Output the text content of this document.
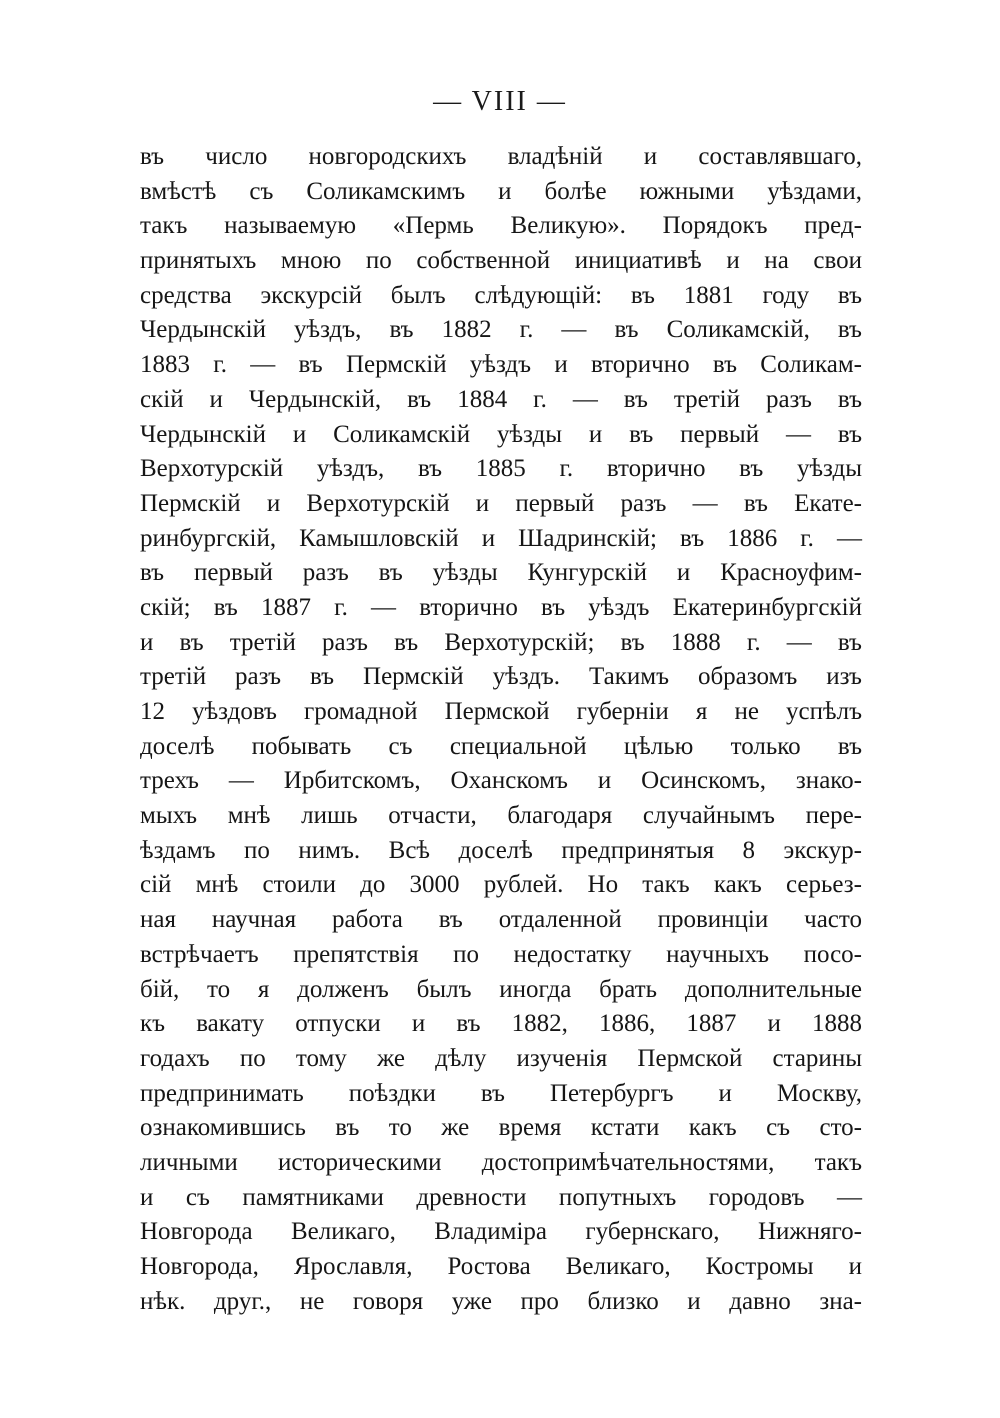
— VIII —
въ число новгородскихъ владѣній и составлявшаго,
вмѣстѣ съ Соликамскимъ и болѣе южными уѣздами,
такъ называемую «Пермь Великую». Порядокъ пред-
принятыхъ мною по собственной инициативѣ и на свои
средства экскурсій былъ слѣдующій: въ 1881 году въ
Чердынскій уѣздъ, въ 1882 г. — въ Соликамскій, въ
1883 г. — въ Пермскій уѣздъ и вторично въ Соликам-
скій и Чердынскій, въ 1884 г. — въ третій разъ въ
Чердынскій и Соликамскій уѣзды и въ первый — въ
Верхотурскій уѣздъ, въ 1885 г. вторично въ уѣзды
Пермскій и Верхотурскій и первый разъ — въ Екате-
ринбургскій, Камышловскій и Шадринскій; въ 1886 г. —
въ первый разъ въ уѣзды Кунгурскій и Красноуфим-
скій; въ 1887 г. — вторично въ уѣздъ Екатеринбургскій
и въ третій разъ въ Верхотурскій; въ 1888 г. — въ
третій разъ въ Пермскій уѣздъ. Такимъ образомъ изъ
12 уѣздовъ громадной Пермской губерніи я не успѣлъ
доселѣ побывать съ специальной цѣлью только въ
трехъ — Ирбитскомъ, Оханскомъ и Осинскомъ, знако-
мыхъ мнѣ лишь отчасти, благодаря случайнымъ пере-
ѣздамъ по нимъ. Всѣ доселѣ предпринятыя 8 экскур-
сій мнѣ стоили до 3000 рублей. Но такъ какъ серьез-
ная научная работа въ отдаленной провинціи часто
встрѣчаетъ препятствія по недостатку научныхъ посо-
бій, то я долженъ былъ иногда брать дополнительные
къ вакату отпуски и въ 1882, 1886, 1887 и 1888
годахъ по тому же дѣлу изученія Пермской старины
предпринимать поѣздки въ Петербургъ и Москву,
ознакомившись въ то же время кстати какъ съ сто-
личными историческими достопримѣчательностями, такъ
и съ памятниками древности попутныхъ городовъ —
Новгорода Великаго, Владиміра губернскаго, Нижняго-
Новгорода, Ярославля, Ростова Великаго, Костромы и
нѣк. друг., не говоря уже про близко и давно зна-
